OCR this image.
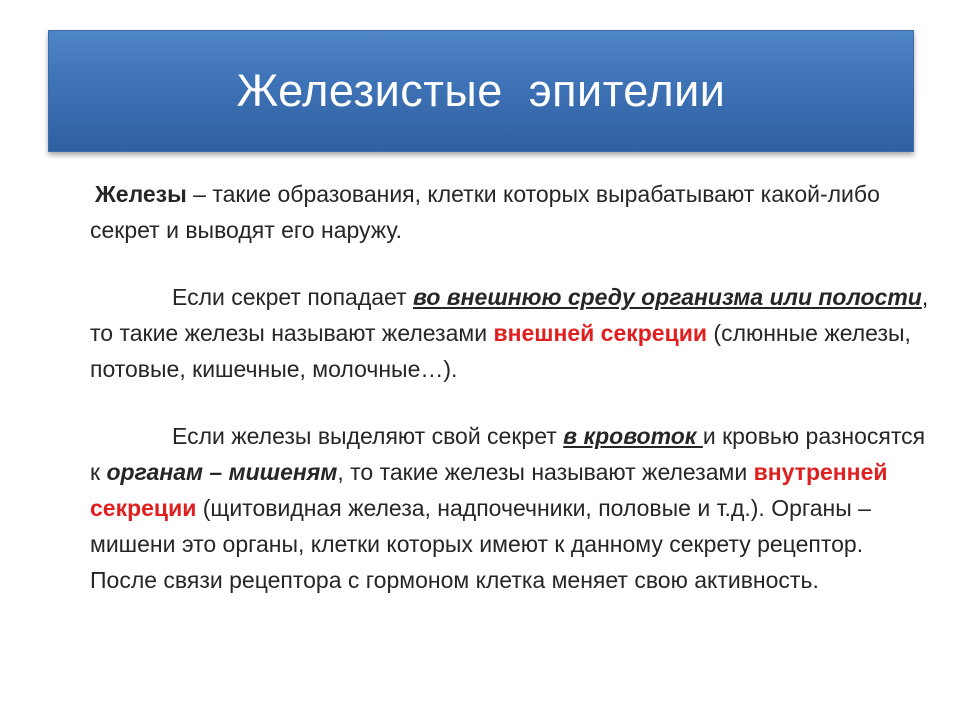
Железистые  эпителии

Железы – такие образования, клетки которых вырабатывают какой-либо секрет и выводят его наружу.

Если секрет попадает во внешнюю среду организма или полости, то такие железы называют железами внешней секреции (слюнные железы, потовые, кишечные, молочные…).

Если железы выделяют свой секрет в кровоток и кровью разносятся к органам – мишеням, то такие железы называют железами внутренней секреции (щитовидная железа, надпочечники, половые и т.д.). Органы – мишени это органы, клетки которых имеют к данному секрету рецептор. После связи рецептора с гормоном клетка меняет свою активность.
